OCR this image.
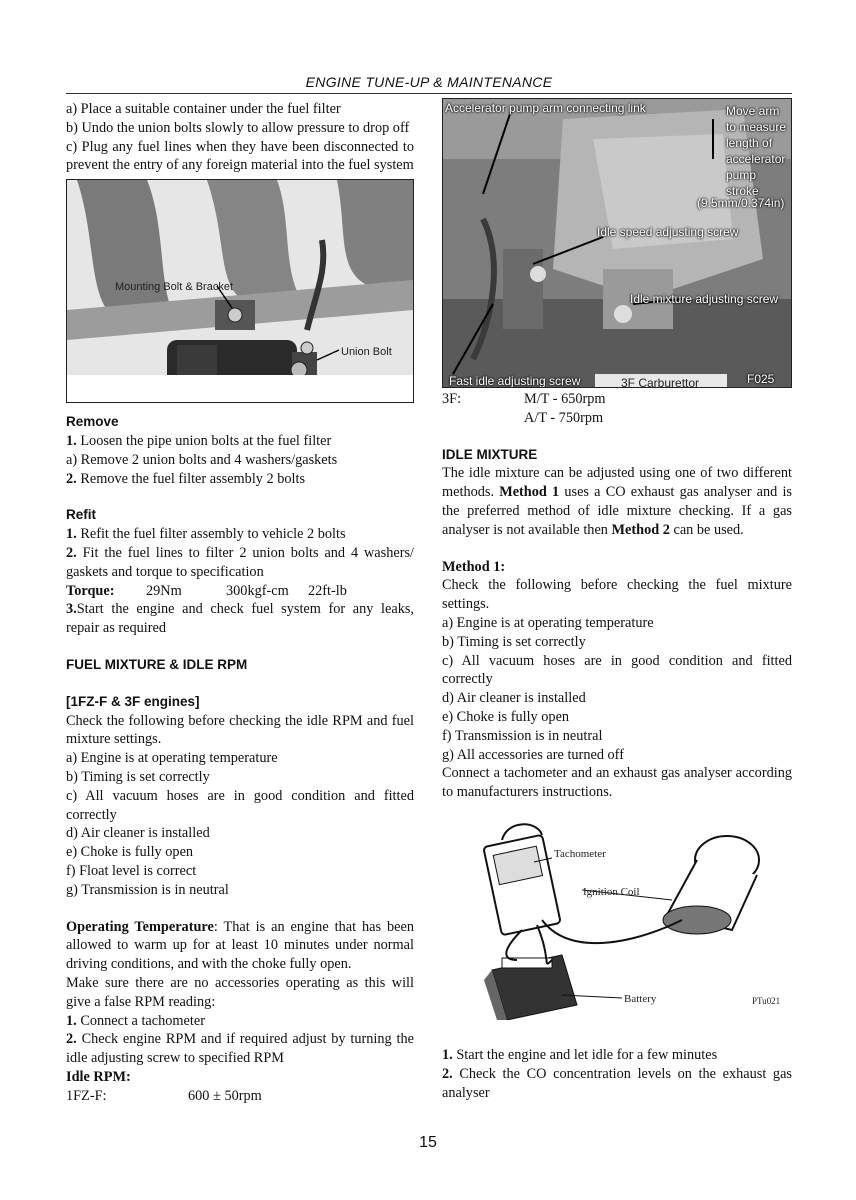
ENGINE TUNE-UP & MAINTENANCE

a) Place a suitable container under the fuel filter

b) Undo the union bolts slowly to allow pressure to drop off

c) Plug any fuel lines when they have been disconnected to prevent the entry of any foreign material into the fuel system

Mounting Bolt & Bracket
Union Bolt
Remove

1. Loosen the pipe union bolts at the fuel filter

a) Remove 2 union bolts and 4 washers/gaskets

2. Remove the fuel filter assembly 2 bolts

Refit

1. Refit the fuel filter assembly to vehicle 2 bolts

2. Fit the fuel lines to filter 2 union bolts and 4 washers/ gaskets and torque to specification

Torque: 29Nm	300kgf-cm 22ft-lb

3.Start the engine and check fuel system for any leaks, repair as required

FUEL MIXTURE & IDLE RPM
[1FZ-F & 3F engines]

Check the following before checking the idle RPM and fuel mixture settings.

a) Engine is at operating temperature

b) Timing is set correctly

c) All vacuum hoses are in good condition and fitted correctly

d) Air cleaner is installed

e) Choke is fully open

f) Float level is correct

g) Transmission is in neutral

Operating Temperature: That is an engine that has been allowed to warm up for at least 10 minutes under normal driving conditions, and with the choke fully open.

Make sure there are no accessories operating as this will give a false RPM reading:

1. Connect a tachometer

2. Check engine RPM and if required adjust by turning the idle adjusting screw to specified RPM

Idle RPM:

1FZ-F:	600 ± 50rpm

Accelerator pump arm connecting link	Move arm
to measure
length of
accelerator
pump
stroke
(9.5mm/0.374in)
Idle speed adjusting screw
Idle mixture adjusting screw
Fast idle adjusting screw	3F Carburettor	F025

3F:	M/T - 650rpm

A/T - 750rpm

IDLE MIXTURE

The idle mixture can be adjusted using one of two different methods. Method 1 uses a CO exhaust gas analyser and is the preferred method of idle mixture checking. If a gas analyser is not available then Method 2 can be used.

Method 1:

Check the following before checking the fuel mixture settings.

a) Engine is at operating temperature

b) Timing is set correctly

c) All vacuum hoses are in good condition and fitted correctly

d) Air cleaner is installed

e) Choke is fully open

f) Transmission is in neutral

g) All accessories are turned off

Connect a tachometer and an exhaust gas analyser according to manufacturers instructions.

Tachometer
Ignition Coil
Battery	PTu021

1. Start the engine and let idle for a few minutes

2. Check the CO concentration levels on the exhaust gas analyser

15
